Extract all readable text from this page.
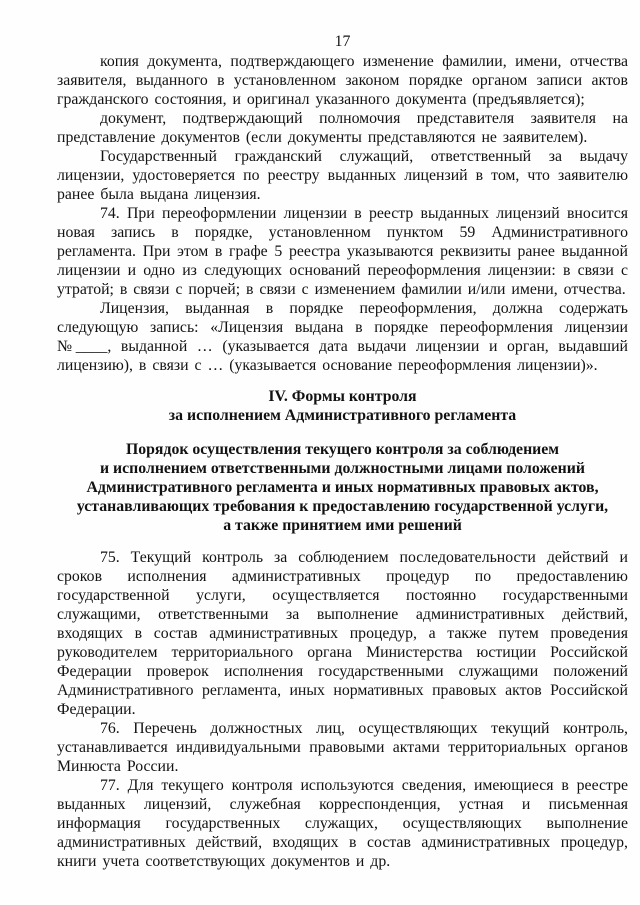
17

копия документа, подтверждающего изменение фамилии, имени, отчества заявителя, выданного в установленном законом порядке органом записи актов гражданского состояния, и оригинал указанного документа (предъявляется);

документ, подтверждающий полномочия представителя заявителя на представление документов (если документы представляются не заявителем).

Государственный гражданский служащий, ответственный за выдачу лицензии, удостоверяется по реестру выданных лицензий в том, что заявителю ранее была выдана лицензия.

74. При переоформлении лицензии в реестр выданных лицензий вносится новая запись в порядке, установленном пунктом 59 Административного регламента. При этом в графе 5 реестра указываются реквизиты ранее выданной лицензии и одно из следующих оснований переоформления лицензии: в связи с утратой; в связи с порчей; в связи с изменением фамилии и/или имени, отчества.

Лицензия, выданная в порядке переоформления, должна содержать следующую запись: «Лицензия выдана в порядке переоформления лицензии №____, выданной … (указывается дата выдачи лицензии и орган, выдавший лицензию), в связи с … (указывается основание переоформления лицензии)».

IV. Формы контроля
за исполнением Административного регламента
Порядок осуществления текущего контроля за соблюдением
и исполнением ответственными должностными лицами положений
Административного регламента и иных нормативных правовых актов,
устанавливающих требования к предоставлению государственной услуги,
а также принятием ими решений

75. Текущий контроль за соблюдением последовательности действий и сроков исполнения административных процедур по предоставлению государственной услуги, осуществляется постоянно государственными служащими, ответственными за выполнение административных действий, входящих в состав административных процедур, а также путем проведения руководителем территориального органа Министерства юстиции Российской Федерации проверок исполнения государственными служащими положений Административного регламента, иных нормативных правовых актов Российской Федерации.

76. Перечень должностных лиц, осуществляющих текущий контроль, устанавливается индивидуальными правовыми актами территориальных органов Минюста России.

77. Для текущего контроля используются сведения, имеющиеся в реестре выданных лицензий, служебная корреспонденция, устная и письменная информация государственных служащих, осуществляющих выполнение административных действий, входящих в состав административных процедур, книги учета соответствующих документов и др.
